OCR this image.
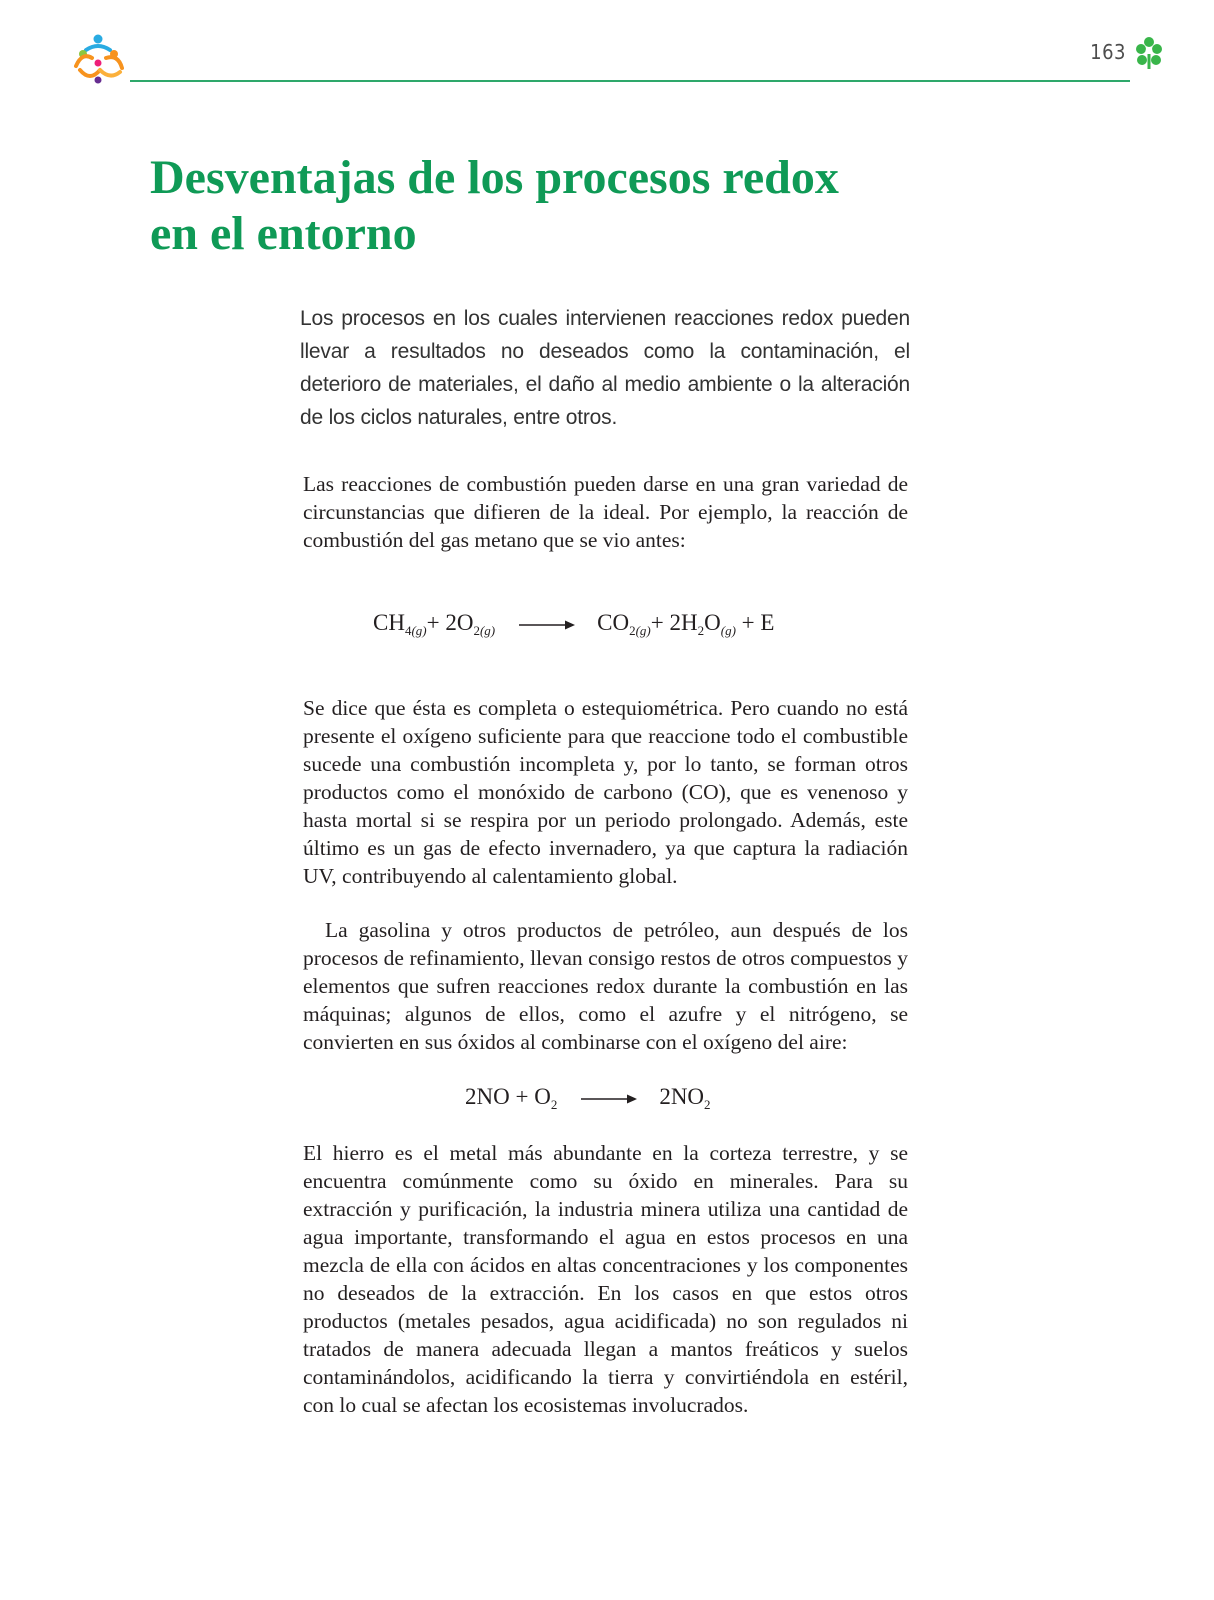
163
Desventajas de los procesos redox
en el entorno

Los procesos en los cuales intervienen reacciones redox pueden llevar a resultados no deseados como la contaminación, el deterioro de materiales, el daño al medio ambiente o la alteración de los ciclos naturales, entre otros.

Las reacciones de combustión pueden darse en una gran variedad de circunstancias que difieren de la ideal. Por ejemplo, la reacción de combustión del gas metano que se vio antes:

$CH_{4(g)}+ 2O_{2(g)} \to CO_{2(g)}+ 2H_2O_{(g)} + E$

Se dice que ésta es completa o estequiométrica. Pero cuando no está presente el oxígeno suficiente para que reaccione todo el combustible sucede una combustión incompleta y, por lo tanto, se forman otros productos como el monóxido de carbono (CO), que es venenoso y hasta mortal si se respira por un periodo prolongado. Además, este último es un gas de efecto invernadero, ya que captura la radiación UV, contribuyendo al calentamiento global.

La gasolina y otros productos de petróleo, aun después de los procesos de refinamiento, llevan consigo restos de otros compuestos y elementos que sufren reacciones redox durante la combustión en las máquinas; algunos de ellos, como el azufre y el nitrógeno, se convierten en sus óxidos al combinarse con el oxígeno del aire:

$2NO + O_2 \to 2NO_2$

El hierro es el metal más abundante en la corteza terrestre, y se encuentra comúnmente como su óxido en minerales. Para su extracción y purificación, la industria minera utiliza una cantidad de agua importante, transformando el agua en estos procesos en una mezcla de ella con ácidos en altas concentraciones y los componentes no deseados de la extracción. En los casos en que estos otros productos (metales pesados, agua acidificada) no son regulados ni tratados de manera adecuada llegan a mantos freáticos y suelos contaminándolos, acidificando la tierra y convirtiéndola en estéril, con lo cual se afectan los ecosistemas involucrados.
